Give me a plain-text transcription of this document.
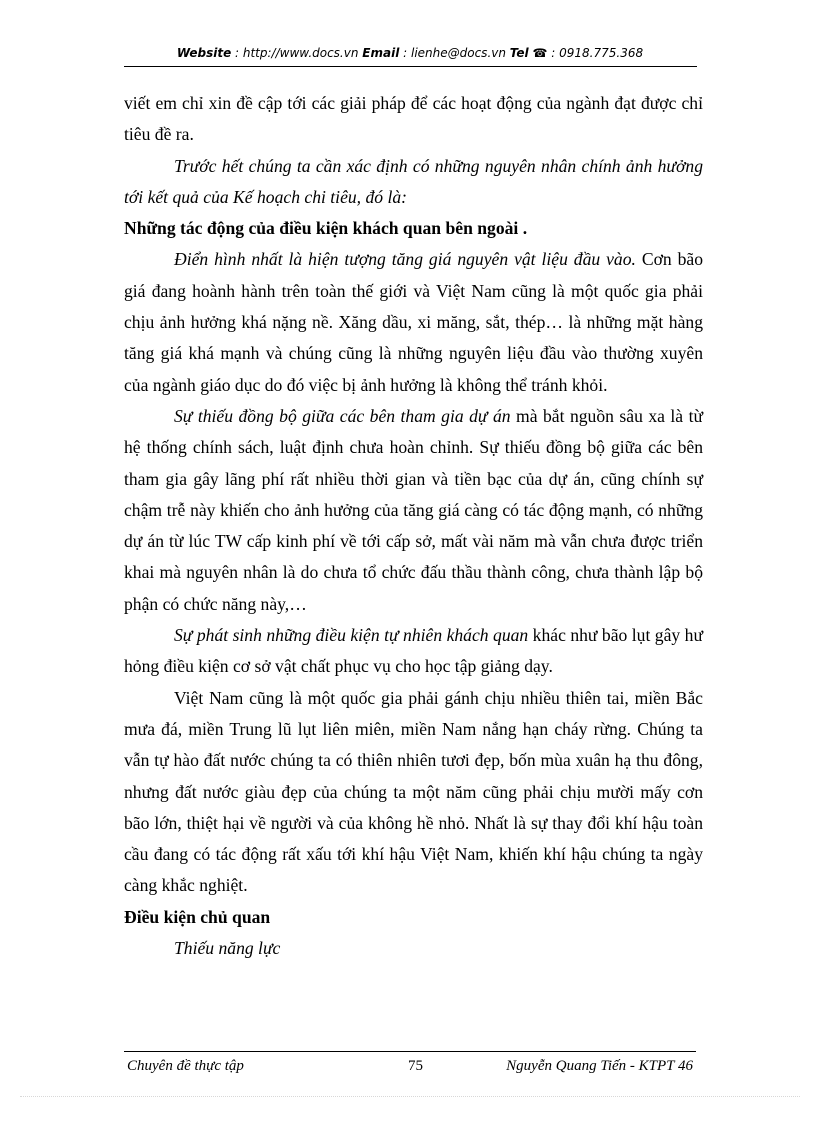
Website : http://www.docs.vn Email : lienhe@docs.vn Tel ☎ : 0918.775.368

viết em chỉ xin đề cập tới các giải pháp để các hoạt động của ngành đạt được chỉ tiêu đề ra.

Trước hết chúng ta cần xác định có những nguyên nhân chính ảnh hưởng tới kết quả của Kế hoạch chi tiêu, đó là:

Những tác động của điều kiện khách quan bên ngoài .

Điển hình nhất là hiện tượng tăng giá nguyên vật liệu đầu vào. Cơn bão giá đang hoành hành trên toàn thế giới và Việt Nam cũng là một quốc gia phải chịu ảnh hưởng khá nặng nề. Xăng dầu, xi măng, sắt, thép… là những mặt hàng tăng giá khá mạnh và chúng cũng là những nguyên liệu đầu vào thường xuyên của ngành giáo dục do đó việc bị ảnh hưởng là không thể tránh khỏi.

Sự thiếu đồng bộ giữa các bên tham gia dự án mà bắt nguồn sâu xa là từ hệ thống chính sách, luật định chưa hoàn chỉnh. Sự thiếu đồng bộ giữa các bên tham gia gây lãng phí rất nhiều thời gian và tiền bạc của dự án, cũng chính sự chậm trễ này khiến cho ảnh hưởng của tăng giá càng có tác động mạnh, có những dự án từ lúc TW cấp kinh phí về tới cấp sở, mất vài năm mà vẫn chưa được triển khai mà nguyên nhân là do chưa tổ chức đấu thầu thành công, chưa thành lập bộ phận có chức năng này,…

Sự phát sinh những điều kiện tự nhiên khách quan khác như bão lụt gây hư hỏng điều kiện cơ sở vật chất phục vụ cho học tập giảng dạy.

Việt Nam cũng là một quốc gia phải gánh chịu nhiều thiên tai, miền Bắc mưa đá, miền Trung lũ lụt liên miên, miền Nam nắng hạn cháy rừng. Chúng ta vẫn tự hào đất nước chúng ta có thiên nhiên tươi đẹp, bốn mùa xuân hạ thu đông, nhưng đất nước giàu đẹp của chúng ta một năm cũng phải chịu mười mấy cơn bão lớn, thiệt hại về người và của không hề nhỏ. Nhất là sự thay đổi khí hậu toàn cầu đang có tác động rất xấu tới khí hậu Việt Nam, khiến khí hậu chúng ta ngày càng khắc nghiệt.

Điều kiện chủ quan

Thiếu năng lực

Chuyên đề thực tập	75	Nguyễn Quang Tiến - KTPT 46
